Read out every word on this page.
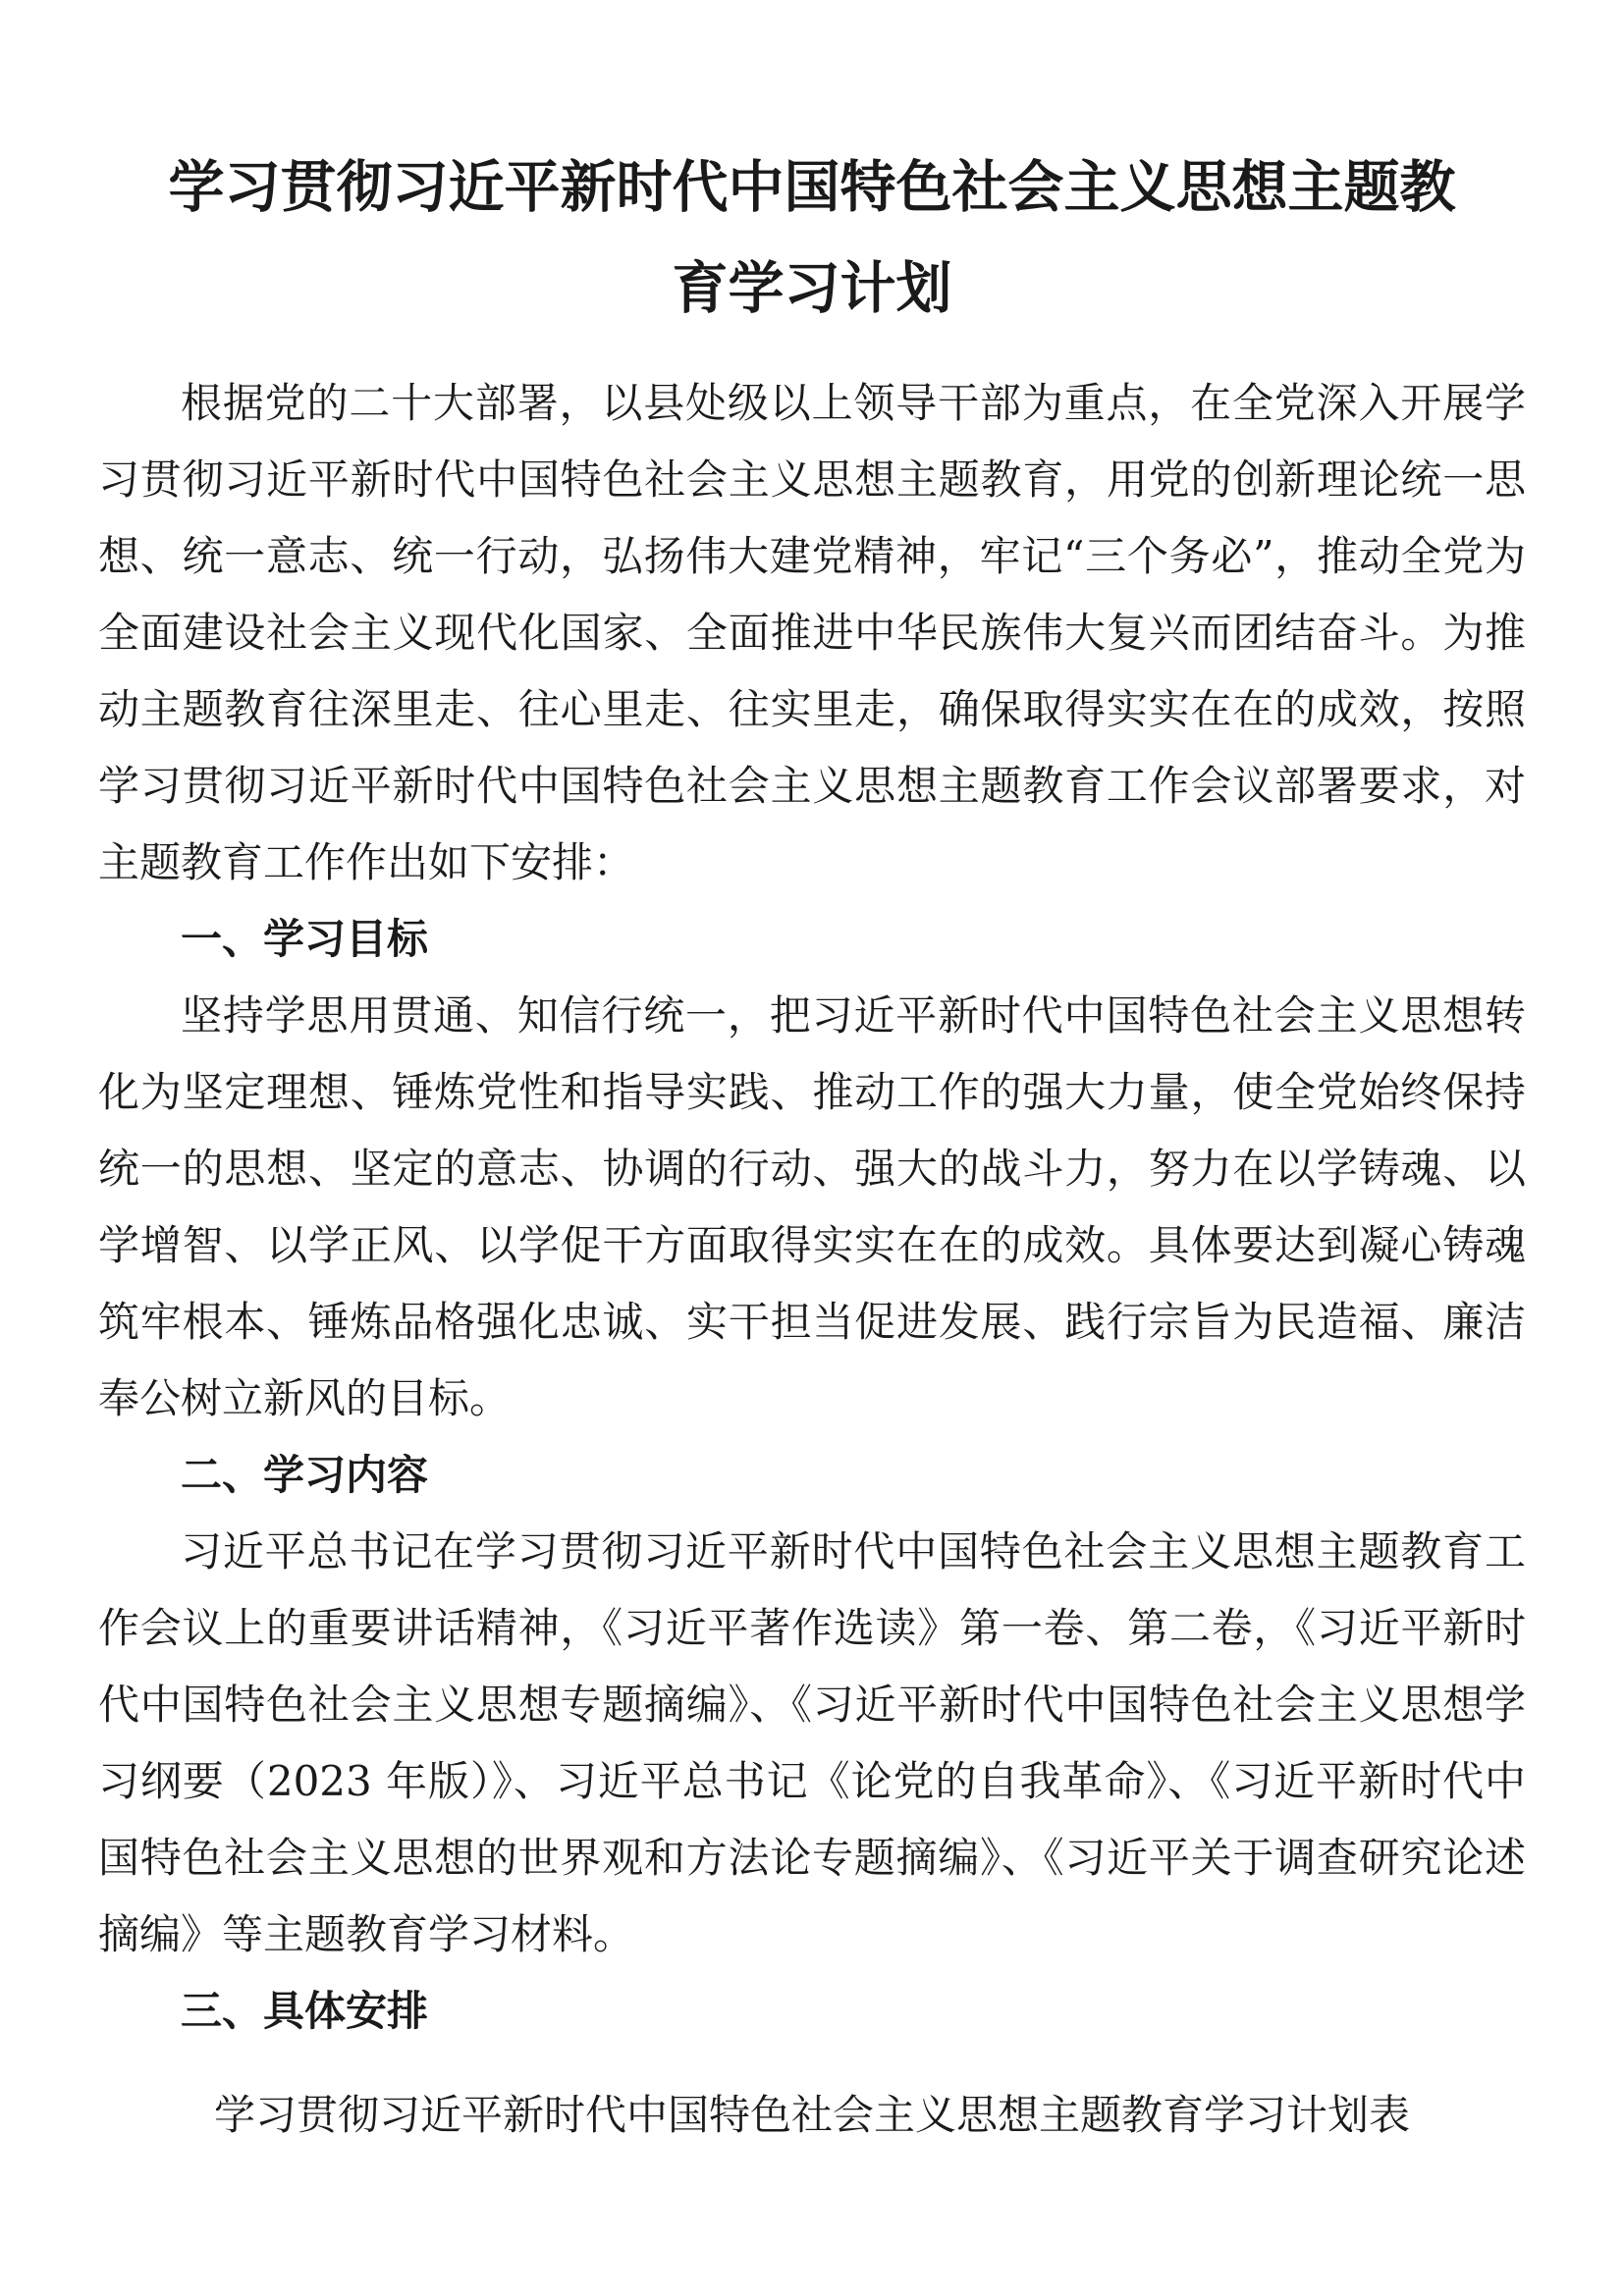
学习贯彻习近平新时代中国特色社会主义思想主题教
育学习计划

根据党的二十大部署，以县处级以上领导干部为重点，在全党深入开展学习贯彻习近平新时代中国特色社会主义思想主题教育，用党的创新理论统一思想、统一意志、统一行动，弘扬伟大建党精神，牢记“三个务必”，推动全党为全面建设社会主义现代化国家、全面推进中华民族伟大复兴而团结奋斗。为推动主题教育往深里走、往心里走、往实里走，确保取得实实在在的成效，按照学习贯彻习近平新时代中国特色社会主义思想主题教育工作会议部署要求，对主题教育工作作出如下安排：

一、学习目标

坚持学思用贯通、知信行统一，把习近平新时代中国特色社会主义思想转化为坚定理想、锤炼党性和指导实践、推动工作的强大力量，使全党始终保持统一的思想、坚定的意志、协调的行动、强大的战斗力，努力在以学铸魂、以学增智、以学正风、以学促干方面取得实实在在的成效。具体要达到凝心铸魂筑牢根本、锤炼品格强化忠诚、实干担当促进发展、践行宗旨为民造福、廉洁奉公树立新风的目标。

二、学习内容

习近平总书记在学习贯彻习近平新时代中国特色社会主义思想主题教育工作会议上的重要讲话精神，《习近平著作选读》第一卷、第二卷，《习近平新时代中国特色社会主义思想专题摘编》、《习近平新时代中国特色社会主义思想学习纲要（2023 年版）》、习近平总书记《论党的自我革命》、《习近平新时代中国特色社会主义思想的世界观和方法论专题摘编》、《习近平关于调查研究论述摘编》等主题教育学习材料。

三、具体安排

学习贯彻习近平新时代中国特色社会主义思想主题教育学习计划表
